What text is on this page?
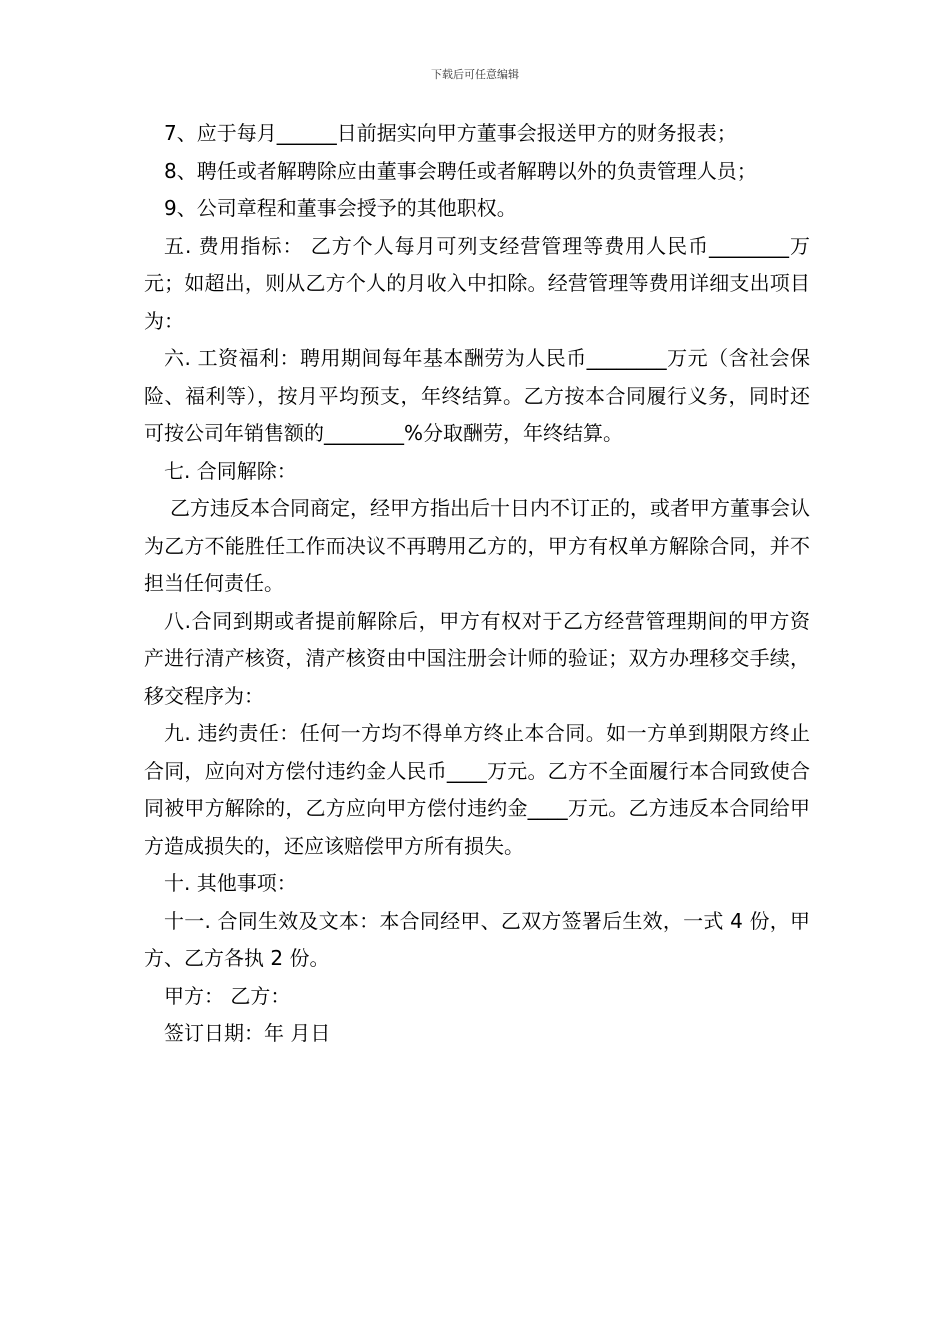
下载后可任意编辑

7、应于每月______日前据实向甲方董事会报送甲方的财务报表；

8、聘任或者解聘除应由董事会聘任或者解聘以外的负责管理人员；

9、公司章程和董事会授予的其他职权。

五. 费用指标： 乙方个人每月可列支经营管理等费用人民币________万元；如超出，则从乙方个人的月收入中扣除。经营管理等费用详细支出项目为：

六. 工资福利：聘用期间每年基本酬劳为人民币________万元（含社会保险、福利等），按月平均预支，年终结算。乙方按本合同履行义务，同时还可按公司年销售额的________%分取酬劳，年终结算。

七. 合同解除：

乙方违反本合同商定，经甲方指出后十日内不订正的，或者甲方董事会认为乙方不能胜任工作而决议不再聘用乙方的，甲方有权单方解除合同，并不担当任何责任。

八.合同到期或者提前解除后，甲方有权对于乙方经营管理期间的甲方资产进行清产核资，清产核资由中国注册会计师的验证；双方办理移交手续，移交程序为：

九. 违约责任：任何一方均不得单方终止本合同。如一方单到期限方终止合同，应向对方偿付违约金人民币____万元。乙方不全面履行本合同致使合同被甲方解除的，乙方应向甲方偿付违约金____万元。乙方违反本合同给甲方造成损失的，还应该赔偿甲方所有损失。

十. 其他事项：

十一. 合同生效及文本：本合同经甲、乙双方签署后生效，一式 4 份，甲方、乙方各执 2 份。

甲方： 乙方：

签订日期：年 月日
